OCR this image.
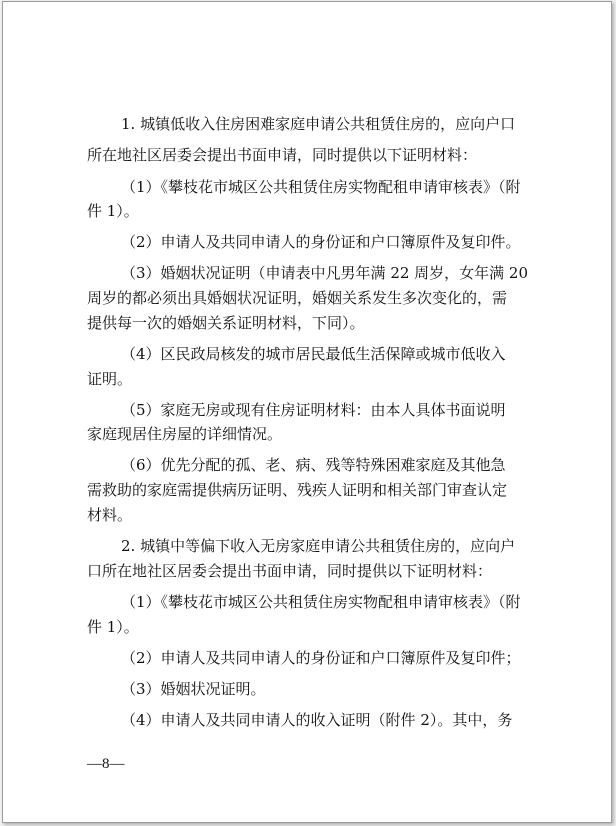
1. 城镇低收入住房困难家庭申请公共租赁住房的，应向户口
所在地社区居委会提出书面申请，同时提供以下证明材料：
（1）《攀枝花市城区公共租赁住房实物配租申请审核表》（附
件 1）。
（2）申请人及共同申请人的身份证和户口簿原件及复印件。
（3）婚姻状况证明（申请表中凡男年满 22 周岁，女年满 20
周岁的都必须出具婚姻状况证明，婚姻关系发生多次变化的，需
提供每一次的婚姻关系证明材料，下同）。
（4）区民政局核发的城市居民最低生活保障或城市低收入
证明。
（5）家庭无房或现有住房证明材料：由本人具体书面说明
家庭现居住房屋的详细情况。
（6）优先分配的孤、老、病、残等特殊困难家庭及其他急
需救助的家庭需提供病历证明、残疾人证明和相关部门审查认定
材料。
2. 城镇中等偏下收入无房家庭申请公共租赁住房的，应向户
口所在地社区居委会提出书面申请，同时提供以下证明材料：
（1）《攀枝花市城区公共租赁住房实物配租申请审核表》（附
件 1）。
（2）申请人及共同申请人的身份证和户口簿原件及复印件；
（3）婚姻状况证明。
（4）申请人及共同申请人的收入证明（附件 2）。其中，务
—8—
